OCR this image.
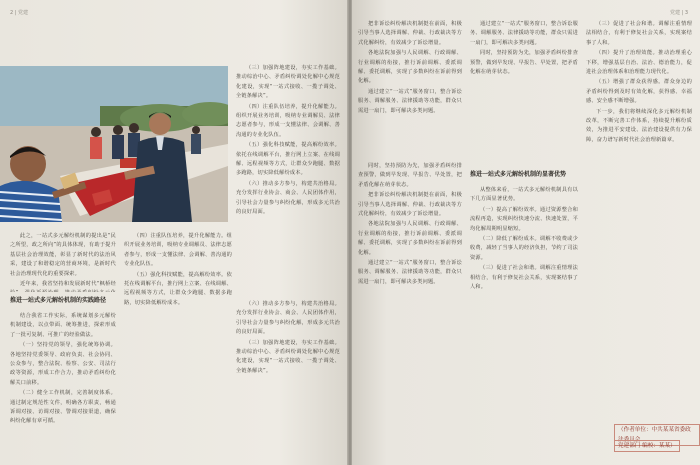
2 | 党建

（三）加强阵地建设，夯实工作基础。推动综治中心、矛盾纠纷调处化解中心规范化建设，实现“一站式接收、一揽子调处、全链条解决”。

（四）注重队伍培养，提升化解能力。组织开展业务培训，吸纳专业调解员、法律志愿者参与，形成一支懂法律、会调解、善沟通的专业化队伍。

（五）强化科技赋能，提高解纷效率。依托在线调解平台，推行网上立案、在线调解、远程视频等方式，让群众少跑腿、数据多跑路，切实降低解纷成本。

（六）推动多方参与，构建共治格局。充分发挥行业协会、商会、人民团体作用，引导社会力量参与纠纷化解，形成多元共治的良好局面。

此之，一站式多元解纷机制的提出是“民之所望，政之所向”的具体体现，有助于提升基层社会治理效能，彰显了新时代的法治风采，建设了和谐稳定的营商环境，是新时代社会治理现代化的重要探索。

近年来，我省坚持和发展新时代“枫桥经

推进一站式多元解纷机制的实践路径

结合我省工作实际，系统谋划多元解纷机制建设，以点带面、统筹推进，探索形成了一批可复制、可推广的经验做法。

（一）坚持党的领导，强化统筹协调。各地坚持党委领导、政府负责、社会协同、公众参与，整合法院、检察、公安、司法行政等资源，形成工作合力，推动矛盾纠纷化解关口前移。

（二）健全工作机制，完善制度体系。通过制定规范性文件，明确各方职责，畅通诉调对接、访调对接、警调对接渠道，确保纠纷化解有章可循。

（四）注重队伍培养，提升化解能力。组织开展业务培训，吸纳专业调解员、法律志愿者参与，形成一支懂法律、会调解、善沟通的专业化队伍。

（五）强化科技赋能，提高解纷效率。依托在线调解平台，推行网上立案、在线调解、远程视频等方式，让群众少跑腿、数据多跑路，切实降低解纷成本。	（六）推动多方参与，构建共治格局。充分发挥行业协会、商会、人民团体作用，引导社会力量参与纠纷化解，形成多元共治的良好局面。

（三）加强阵地建设，夯实工作基础。推动综治中心、矛盾纠纷调处化解中心规范化建设，实现“一站式接收、一揽子调处、全链条解决”。

党建 | 3

把非诉讼纠纷解决机制挺在前面，积极引导当事人选择调解、仲裁、行政裁决等方式化解纠纷，有效减少了诉讼增量。

各地法院加强与人民调解、行政调解、行业调解的衔接，推行诉前调解、委派调解、委托调解，实现了多数纠纷在诉前得到化解。

通过建立“一站式”服务窗口，整合诉讼服务、调解服务、法律援助等功能，群众只需进一扇门，即可解决多类问题。

同时，坚持预防为先，加强矛盾纠纷排查预警，做到早发现、早报告、早处置，把矛盾化解在萌芽状态。

把非诉讼纠纷解决机制挺在前面，积极引导当事人选择调解、仲裁、行政裁决等方式化解纠纷，有效减少了诉讼增量。

各地法院加强与人民调解、行政调解、行业调解的衔接，推行诉前调解、委派调解、委托调解，实现了多数纠纷在诉前得到化解。

通过建立“一站式”服务窗口，整合诉讼服务、调解服务、法律援助等功能，群众只需进一扇门，即可解决多类问题。

通过建立“一站式”服务窗口，整合诉讼服务、调解服务、法律援助等功能，群众只需进一扇门，即可解决多类问题。

同时，坚持预防为先，加强矛盾纠纷排查预警，做到早发现、早报告、早处置，把矛盾化解在萌芽状态。

推进一站式多元解纷机制的显著优势

从整体来看，一站式多元解纷机制具有以下几方面显著优势。

（一）提高了解纷效率。通过资源整合和流程再造，实现纠纷快速分流、快速处置，平均化解周期明显缩短。

（二）降低了解纷成本。调解不收费或少收费，减轻了当事人的经济负担，节约了司法资源。

（三）促进了社会和谐。调解注重情理法相结合，有利于修复社会关系，实现案结事了人和。

（三）促进了社会和谐。调解注重情理法相结合，有利于修复社会关系，实现案结事了人和。

（四）提升了治理效能。推动治理重心下移，增强基层自治、法治、德治能力，促进社会治理体系和治理能力现代化。

（五）增强了群众获得感。群众身边的矛盾纠纷得到及时有效化解，获得感、幸福感、安全感不断增强。

下一步，我们将继续深化多元解纷机制改革，不断完善工作体系，持续提升解纷质效，为推进平安建设、法治建设提供有力保障，奋力谱写新时代社会治理新篇章。

（作者单位：中共某某省委政法委员会
党建部门 编校：某某）
